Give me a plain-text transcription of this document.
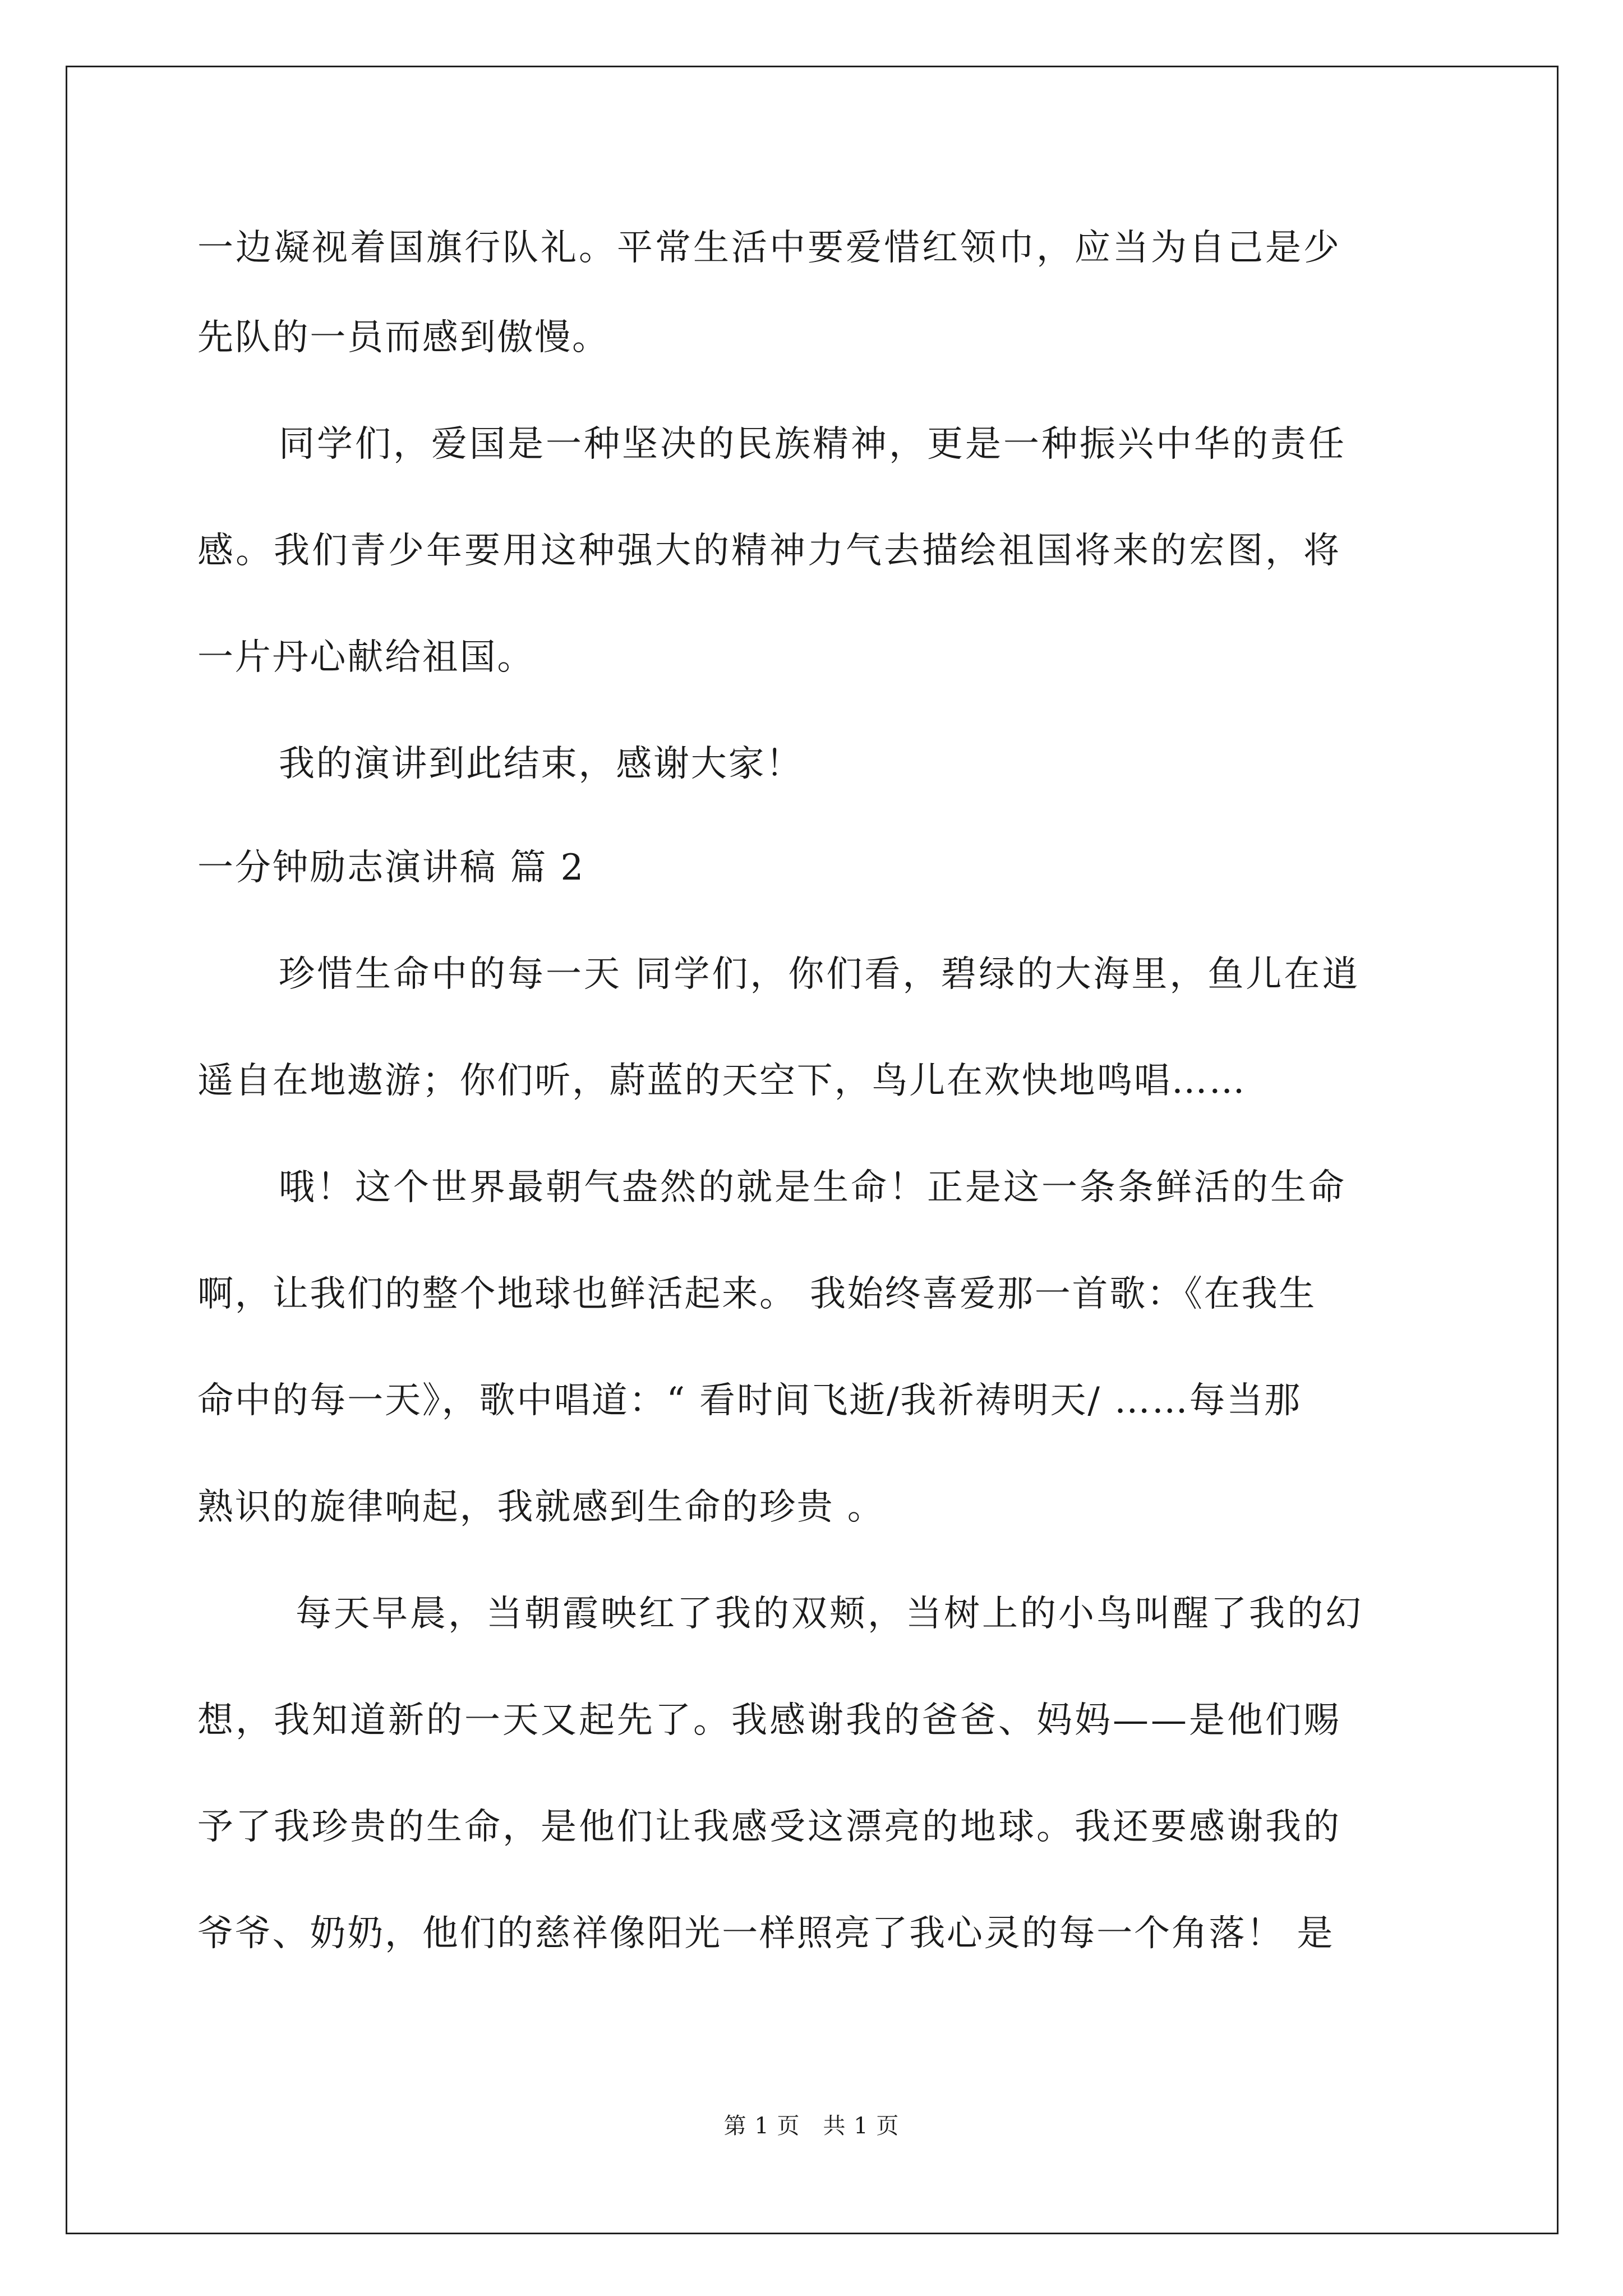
一边凝视着国旗行队礼。平常生活中要爱惜红领巾，应当为自己是少
先队的一员而感到傲慢。
同学们，爱国是一种坚决的民族精神，更是一种振兴中华的责任
感。我们青少年要用这种强大的精神力气去描绘祖国将来的宏图，将
一片丹心献给祖国。
我的演讲到此结束，感谢大家！
一分钟励志演讲稿 篇 2
珍惜生命中的每一天 同学们，你们看，碧绿的大海里，鱼儿在逍
遥自在地遨游；你们听，蔚蓝的天空下，鸟儿在欢快地鸣唱……
哦！这个世界最朝气盎然的就是生命！正是这一条条鲜活的生命
啊，让我们的整个地球也鲜活起来。 我始终喜爱那一首歌：《在我生
命中的每一天》，歌中唱道：“ 看时间飞逝/我祈祷明天/ ……每当那
熟识的旋律响起，我就感到生命的珍贵 。
每天早晨，当朝霞映红了我的双颊，当树上的小鸟叫醒了我的幻
想，我知道新的一天又起先了。我感谢我的爸爸、妈妈——是他们赐
予了我珍贵的生命，是他们让我感受这漂亮的地球。我还要感谢我的
爷爷、奶奶，他们的慈祥像阳光一样照亮了我心灵的每一个角落！ 是
第 1 页　共 1 页
